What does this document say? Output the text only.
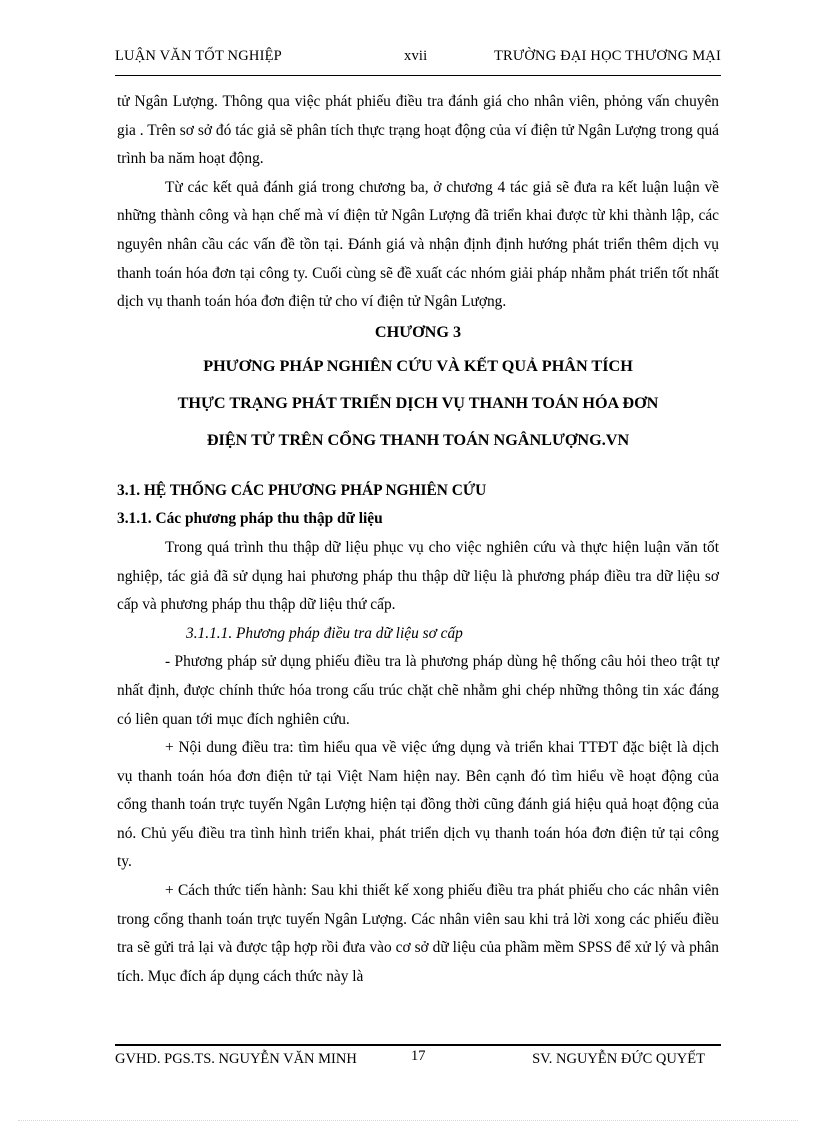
LUẬN VĂN TỐT NGHIỆP	xvii	TRƯỜNG ĐẠI HỌC THƯƠNG MẠI

tử Ngân Lượng. Thông qua việc phát phiếu điều tra đánh giá cho nhân viên, phỏng vấn chuyên gia . Trên sơ sở đó tác giả sẽ phân tích thực trạng hoạt động của ví điện tử Ngân Lượng trong quá trình ba năm hoạt động.

Từ các kết quả đánh giá trong chương ba, ở chương 4 tác giả sẽ đưa ra kết luận luận về những thành công và hạn chế mà ví điện tử Ngân Lượng đã triển khai được từ khi thành lập, các nguyên nhân cầu các vấn đề tồn tại. Đánh giá và nhận định định hướng phát triển thêm dịch vụ thanh toán hóa đơn tại công ty. Cuối cùng sẽ đề xuất các nhóm giải pháp nhằm phát triển tốt nhất dịch vụ thanh toán hóa đơn điện tử cho ví điện tử Ngân Lượng.

CHƯƠNG 3

PHƯƠNG PHÁP NGHIÊN CỨU VÀ KẾT QUẢ PHÂN TÍCH

THỰC TRẠNG PHÁT TRIỂN DỊCH VỤ THANH TOÁN HÓA ĐƠN

ĐIỆN TỬ TRÊN CỔNG THANH TOÁN NGÂNLƯỢNG.VN

3.1. HỆ THỐNG CÁC PHƯƠNG PHÁP NGHIÊN CỨU

3.1.1. Các phương pháp thu thập dữ liệu

Trong quá trình thu thập dữ liệu phục vụ cho việc nghiên cứu và thực hiện luận văn tốt nghiệp, tác giả đã sử dụng hai phương pháp thu thập dữ liệu là phương pháp điều tra dữ liệu sơ cấp và phương pháp thu thập dữ liệu thứ cấp.

3.1.1.1. Phương pháp điều tra dữ liệu sơ cấp

- Phương pháp sử dụng phiếu điều tra là phương pháp dùng hệ thống câu hỏi theo trật tự nhất định, được chính thức hóa trong cấu trúc chặt chẽ nhằm ghi chép những thông tin xác đáng có liên quan tới mục đích nghiên cứu.

+ Nội dung điều tra: tìm hiểu qua về việc ứng dụng và triển khai TTĐT đặc biệt là dịch vụ thanh toán hóa đơn điện tử tại Việt Nam hiện nay. Bên cạnh đó tìm hiểu về hoạt động của cổng thanh toán trực tuyến Ngân Lượng hiện tại đồng thời cũng đánh giá hiệu quả hoạt động của nó. Chủ yếu điều tra tình hình triển khai, phát triển dịch vụ thanh toán hóa đơn điện tử tại công ty.

+ Cách thức tiến hành: Sau khi thiết kế xong phiếu điều tra phát phiếu cho các nhân viên trong cổng thanh toán trực tuyến Ngân Lượng. Các nhân viên sau khi trả lời xong các phiếu điều tra sẽ gửi trả lại và được tập hợp rồi đưa vào cơ sở dữ liệu của phầm mềm SPSS để xử lý và phân tích. Mục đích áp dụng cách thức này là

GVHD. PGS.TS. NGUYỄN VĂN MINH	17	SV. NGUYỄN ĐỨC QUYẾT
